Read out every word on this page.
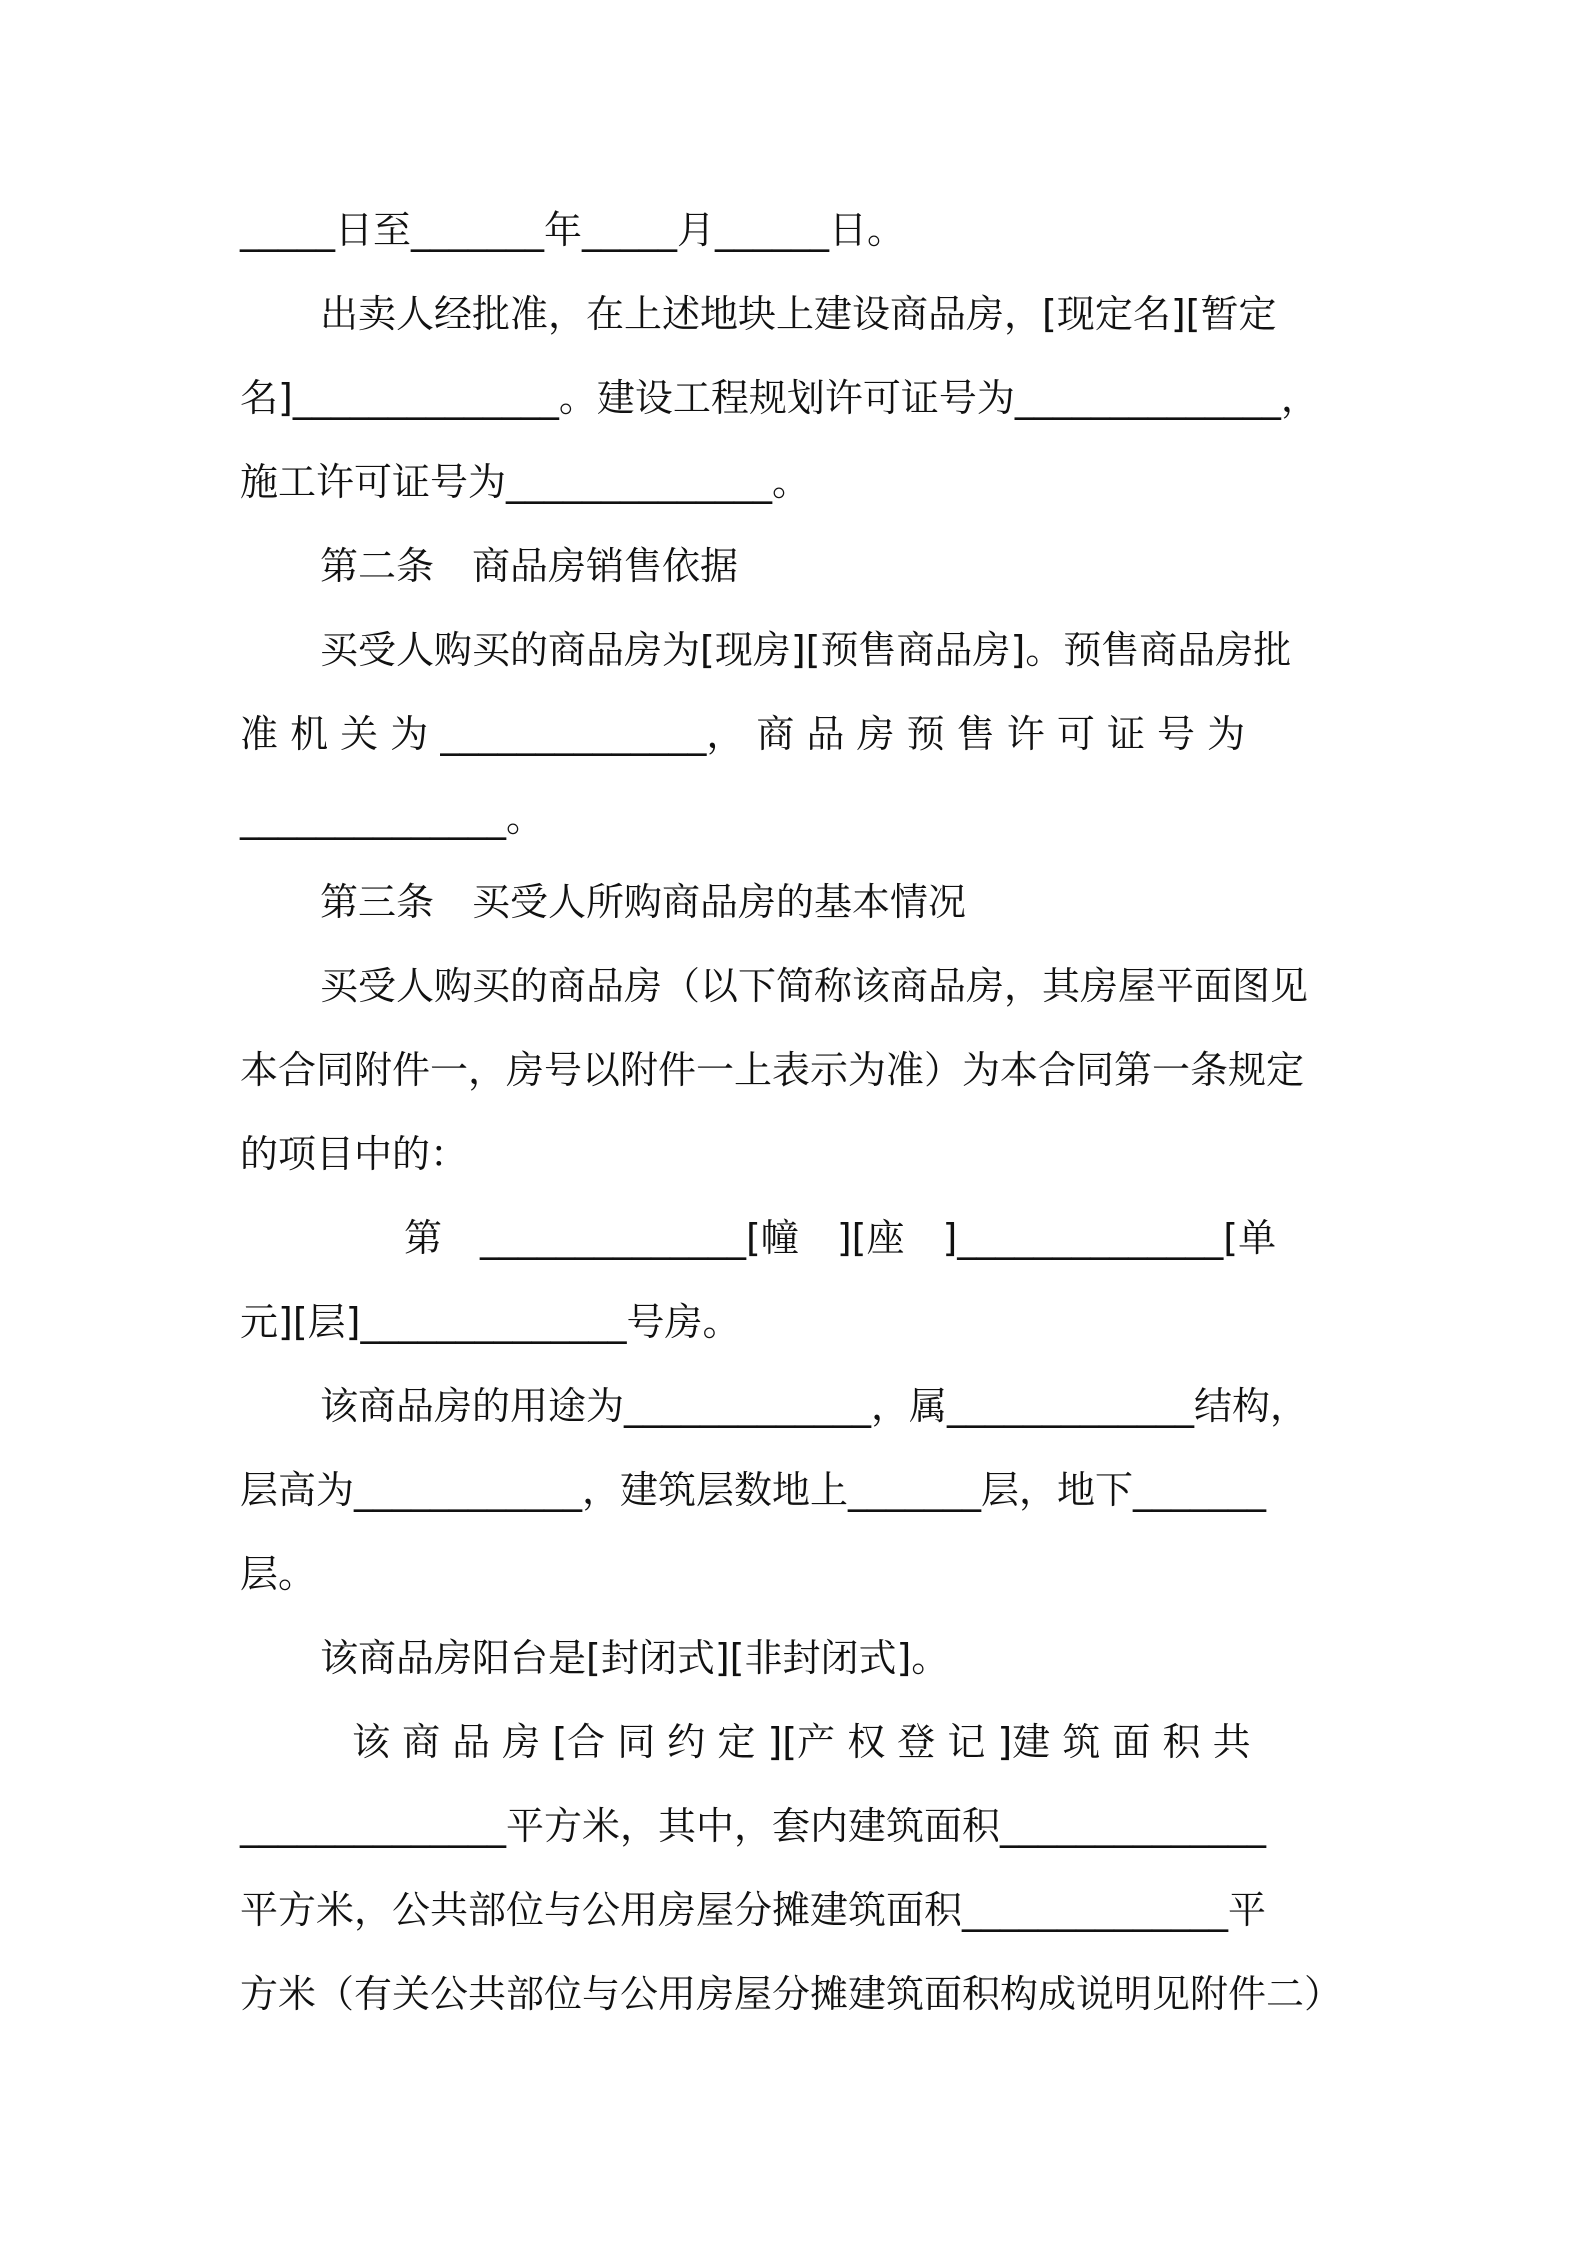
_____日至_______年_____月______日。

出卖人经批准，在上述地块上建设商品房，[现定名][暂定

名]______________。建设工程规划许可证号为______________，

施工许可证号为______________。

第二条　商品房销售依据

买受人购买的商品房为[现房][预售商品房]。预售商品房批

准 机 关 为 ______________， 商 品 房 预 售 许 可 证 号 为

______________。

第三条　买受人所购商品房的基本情况

买受人购买的商品房（以下简称该商品房，其房屋平面图见

本合同附件一，房号以附件一上表示为准）为本合同第一条规定

的项目中的：

第　______________[幢　][座　]______________[单

元][层]______________号房。

该商品房的用途为_____________，属_____________结构，

层高为____________，建筑层数地上_______层，地下_______

层。

该商品房阳台是[封闭式][非封闭式]。

该 商 品 房 [合 同 约 定 ][产 权 登 记 ]建 筑 面 积 共

______________平方米，其中，套内建筑面积______________

平方米，公共部位与公用房屋分摊建筑面积______________平

方米（有关公共部位与公用房屋分摊建筑面积构成说明见附件二）
